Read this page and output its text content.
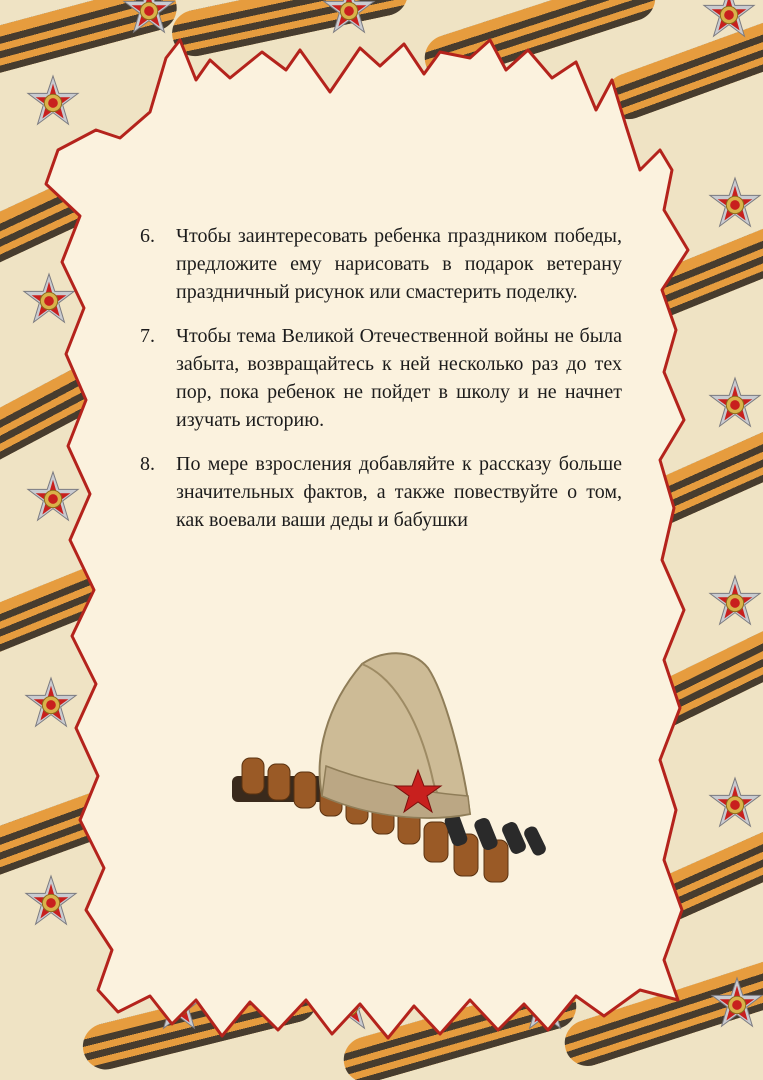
6.	Чтобы заинтересовать ребенка праздником победы, предложите ему нарисовать в подарок ветерану праздничный рисунок или смастерить поделку.
7.	Чтобы тема Великой Отечественной войны не была забыта, возвращайтесь к ней несколько раз до тех пор, пока ребенок не пойдет в школу и не начнет изучать историю.
8.	По мере взросления добавляйте к рассказу больше значительных фактов, а также повествуйте о том, как воевали ваши деды и бабушки
